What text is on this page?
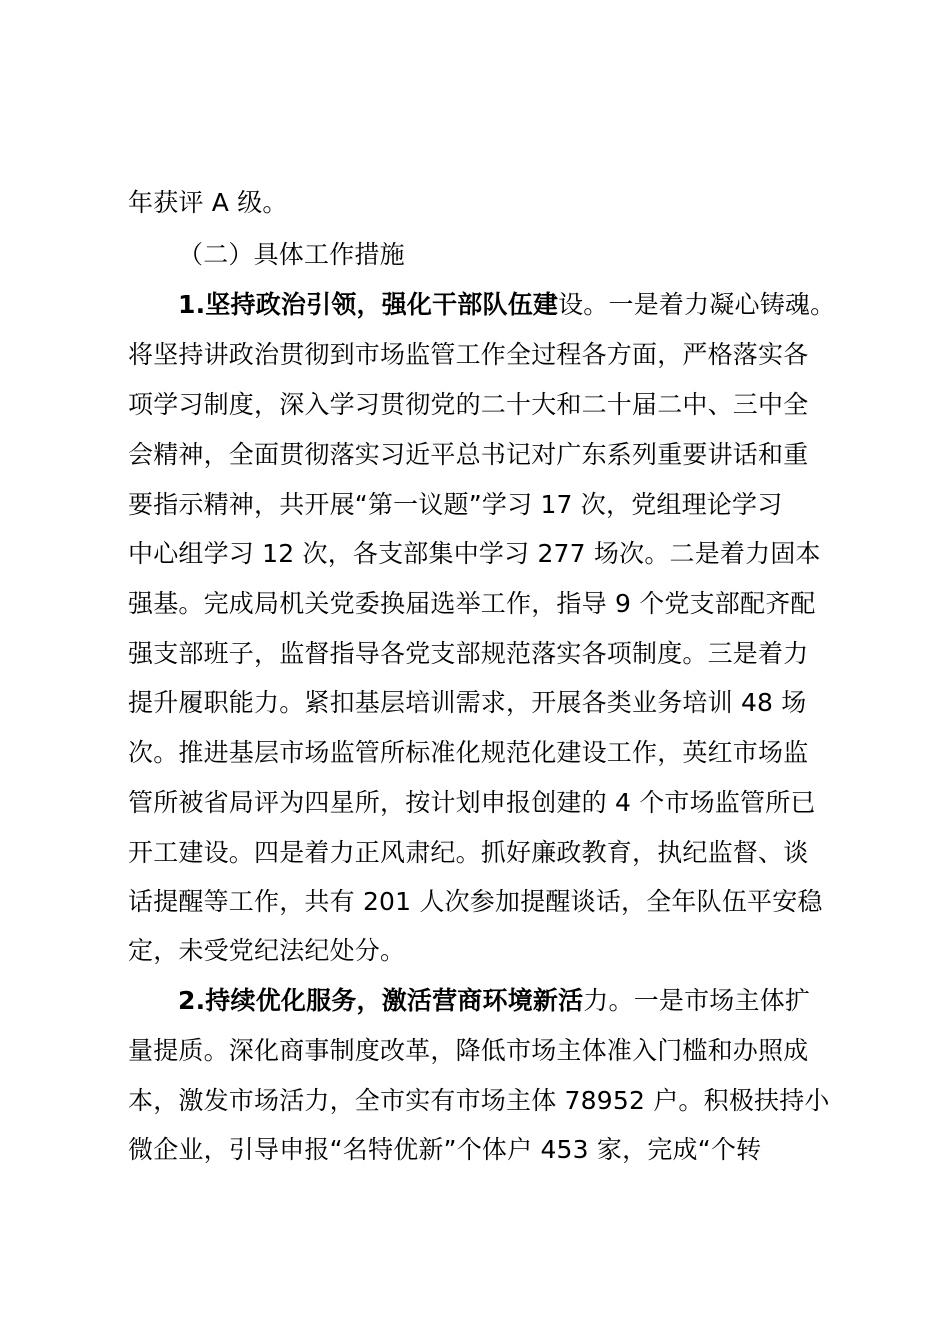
年获评 A 级。
（二）具体工作措施
1.坚持政治引领，强化干部队伍建设。一是着力凝心铸魂。
将坚持讲政治贯彻到市场监管工作全过程各方面，严格落实各
项学习制度，深入学习贯彻党的二十大和二十届二中、三中全
会精神，全面贯彻落实习近平总书记对广东系列重要讲话和重
要指示精神，共开展“第一议题”学习 17 次，党组理论学习
中心组学习 12 次，各支部集中学习 277 场次。二是着力固本
强基。完成局机关党委换届选举工作，指导 9 个党支部配齐配
强支部班子，监督指导各党支部规范落实各项制度。三是着力
提升履职能力。紧扣基层培训需求，开展各类业务培训 48 场
次。推进基层市场监管所标准化规范化建设工作，英红市场监
管所被省局评为四星所，按计划申报创建的 4 个市场监管所已
开工建设。四是着力正风肃纪。抓好廉政教育，执纪监督、谈
话提醒等工作，共有 201 人次参加提醒谈话，全年队伍平安稳
定，未受党纪法纪处分。
2.持续优化服务，激活营商环境新活力。一是市场主体扩
量提质。深化商事制度改革，降低市场主体准入门槛和办照成
本，激发市场活力，全市实有市场主体 78952 户。积极扶持小
微企业，引导申报“名特优新”个体户 453 家，完成“个转
